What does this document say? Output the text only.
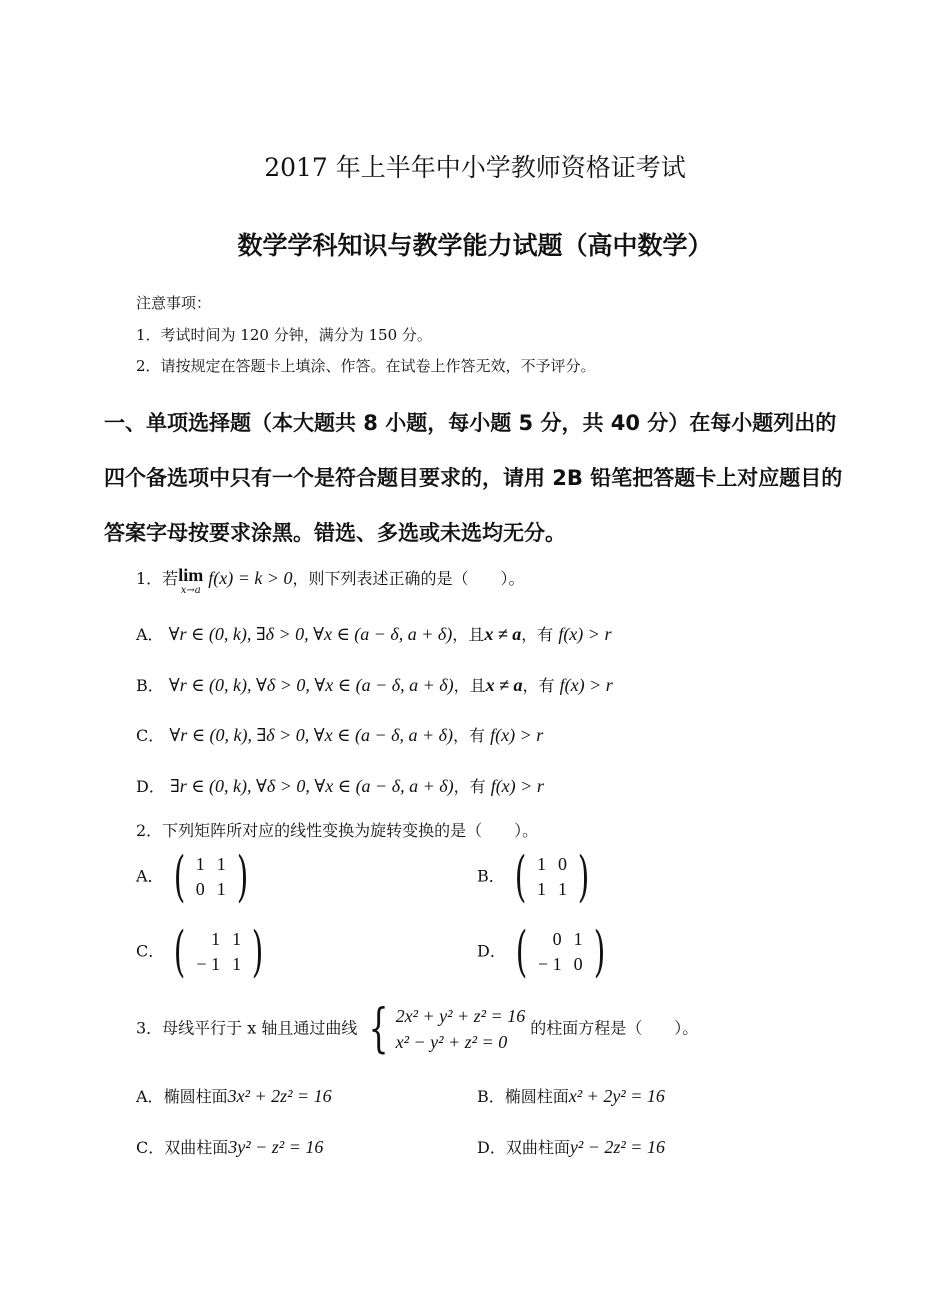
2017 年上半年中小学教师资格证考试
数学学科知识与教学能力试题（高中数学）
注意事项：
1．考试时间为 120 分钟，满分为 150 分。
2．请按规定在答题卡上填涂、作答。在试卷上作答无效，不予评分。
一、单项选择题（本大题共 8 小题，每小题 5 分，共 40 分）在每小题列出的四个备选项中只有一个是符合题目要求的，请用 2B 铅笔把答题卡上对应题目的答案字母按要求涂黑。错选、多选或未选均无分。
1．若lim
x→a
f(x) = k > 0，则下列表述正确的是（　　）。
A． ∀r ∈ (0, k), ∃δ > 0, ∀x ∈ (a − δ, a + δ)，且x ≠ a，有 f(x) > r
B． ∀r ∈ (0, k), ∀δ > 0, ∀x ∈ (a − δ, a + δ)，且x ≠ a，有 f(x) > r
C． ∀r ∈ (0, k), ∃δ > 0, ∀x ∈ (a − δ, a + δ)，有 f(x) > r
D． ∃r ∈ (0, k), ∀δ > 0, ∀x ∈ (a − δ, a + δ)，有 f(x) > r
2．下列矩阵所对应的线性变换为旋转变换的是（　　）。
A． ( 1	1
0	1 )	B． ( 1	0
1	1 )
C． ( 1	1
− 1	1 )	D． ( 0	1
− 1	0 )
3．母线平行于 x 轴且通过曲线 { 2x² + y² + z² = 16
x² − y² + z² = 0
的柱面方程是（　　）。
A．椭圆柱面3x² + 2z² = 16	B．椭圆柱面x² + 2y² = 16
C．双曲柱面3y² − z² = 16	D．双曲柱面y² − 2z² = 16
